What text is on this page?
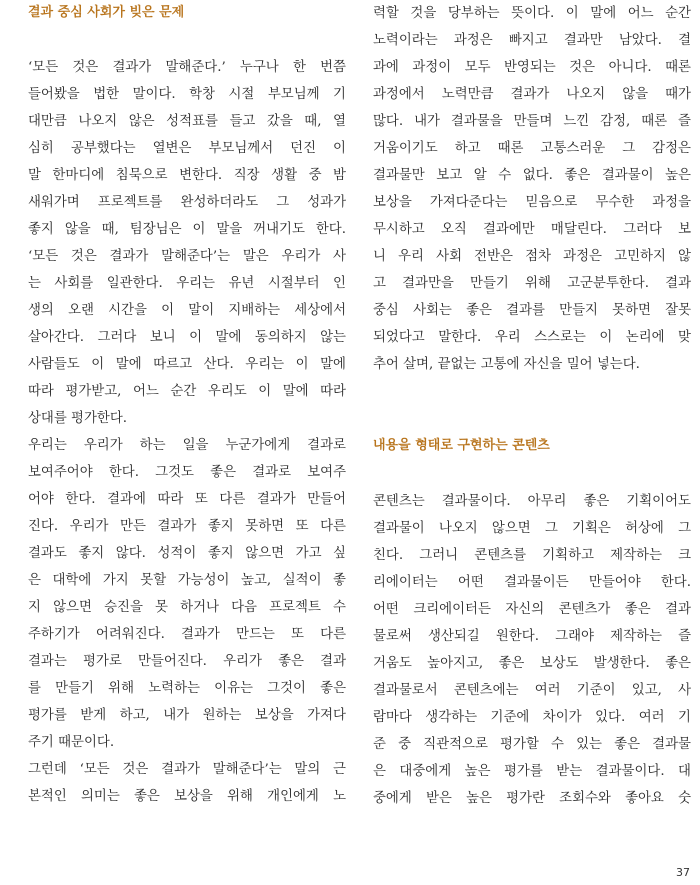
결과 중심 사회가 빚은 문제
‘모든 것은 결과가 말해준다.’ 누구나 한 번쯤
들어봤을 법한 말이다. 학창 시절 부모님께 기
대만큼 나오지 않은 성적표를 들고 갔을 때, 열
심히 공부했다는 열변은 부모님께서 던진 이
말 한마디에 침묵으로 변한다. 직장 생활 중 밤
새워가며 프로젝트를 완성하더라도 그 성과가
좋지 않을 때, 팀장님은 이 말을 꺼내기도 한다.
‘모든 것은 결과가 말해준다’는 말은 우리가 사
는 사회를 일관한다. 우리는 유년 시절부터 인
생의 오랜 시간을 이 말이 지배하는 세상에서
살아간다. 그러다 보니 이 말에 동의하지 않는
사람들도 이 말에 따르고 산다. 우리는 이 말에
따라 평가받고, 어느 순간 우리도 이 말에 따라
상대를 평가한다.
우리는 우리가 하는 일을 누군가에게 결과로
보여주어야 한다. 그것도 좋은 결과로 보여주
어야 한다. 결과에 따라 또 다른 결과가 만들어
진다. 우리가 만든 결과가 좋지 못하면 또 다른
결과도 좋지 않다. 성적이 좋지 않으면 가고 싶
은 대학에 가지 못할 가능성이 높고, 실적이 좋
지 않으면 승진을 못 하거나 다음 프로젝트 수
주하기가 어려워진다. 결과가 만드는 또 다른
결과는 평가로 만들어진다. 우리가 좋은 결과
를 만들기 위해 노력하는 이유는 그것이 좋은
평가를 받게 하고, 내가 원하는 보상을 가져다
주기 때문이다.
그런데 ‘모든 것은 결과가 말해준다’는 말의 근
본적인 의미는 좋은 보상을 위해 개인에게 노
력할 것을 당부하는 뜻이다. 이 말에 어느 순간
노력이라는 과정은 빠지고 결과만 남았다. 결
과에 과정이 모두 반영되는 것은 아니다. 때론
과정에서 노력만큼 결과가 나오지 않을 때가
많다. 내가 결과물을 만들며 느낀 감정, 때론 즐
거움이기도 하고 때론 고통스러운 그 감정은
결과물만 보고 알 수 없다. 좋은 결과물이 높은
보상을 가져다준다는 믿음으로 무수한 과정을
무시하고 오직 결과에만 매달린다. 그러다 보
니 우리 사회 전반은 점차 과정은 고민하지 않
고 결과만을 만들기 위해 고군분투한다. 결과
중심 사회는 좋은 결과를 만들지 못하면 잘못
되었다고 말한다. 우리 스스로는 이 논리에 맞
추어 살며, 끝없는 고통에 자신을 밀어 넣는다.
내용을 형태로 구현하는 콘텐츠
콘텐츠는 결과물이다. 아무리 좋은 기획이어도
결과물이 나오지 않으면 그 기획은 허상에 그
친다. 그러니 콘텐츠를 기획하고 제작하는 크
리에이터는 어떤 결과물이든 만들어야 한다.
어떤 크리에이터든 자신의 콘텐츠가 좋은 결과
물로써 생산되길 원한다. 그래야 제작하는 즐
거움도 높아지고, 좋은 보상도 발생한다. 좋은
결과물로서 콘텐츠에는 여러 기준이 있고, 사
람마다 생각하는 기준에 차이가 있다. 여러 기
준 중 직관적으로 평가할 수 있는 좋은 결과물
은 대중에게 높은 평가를 받는 결과물이다. 대
중에게 받은 높은 평가란 조회수와 좋아요 숫
37
